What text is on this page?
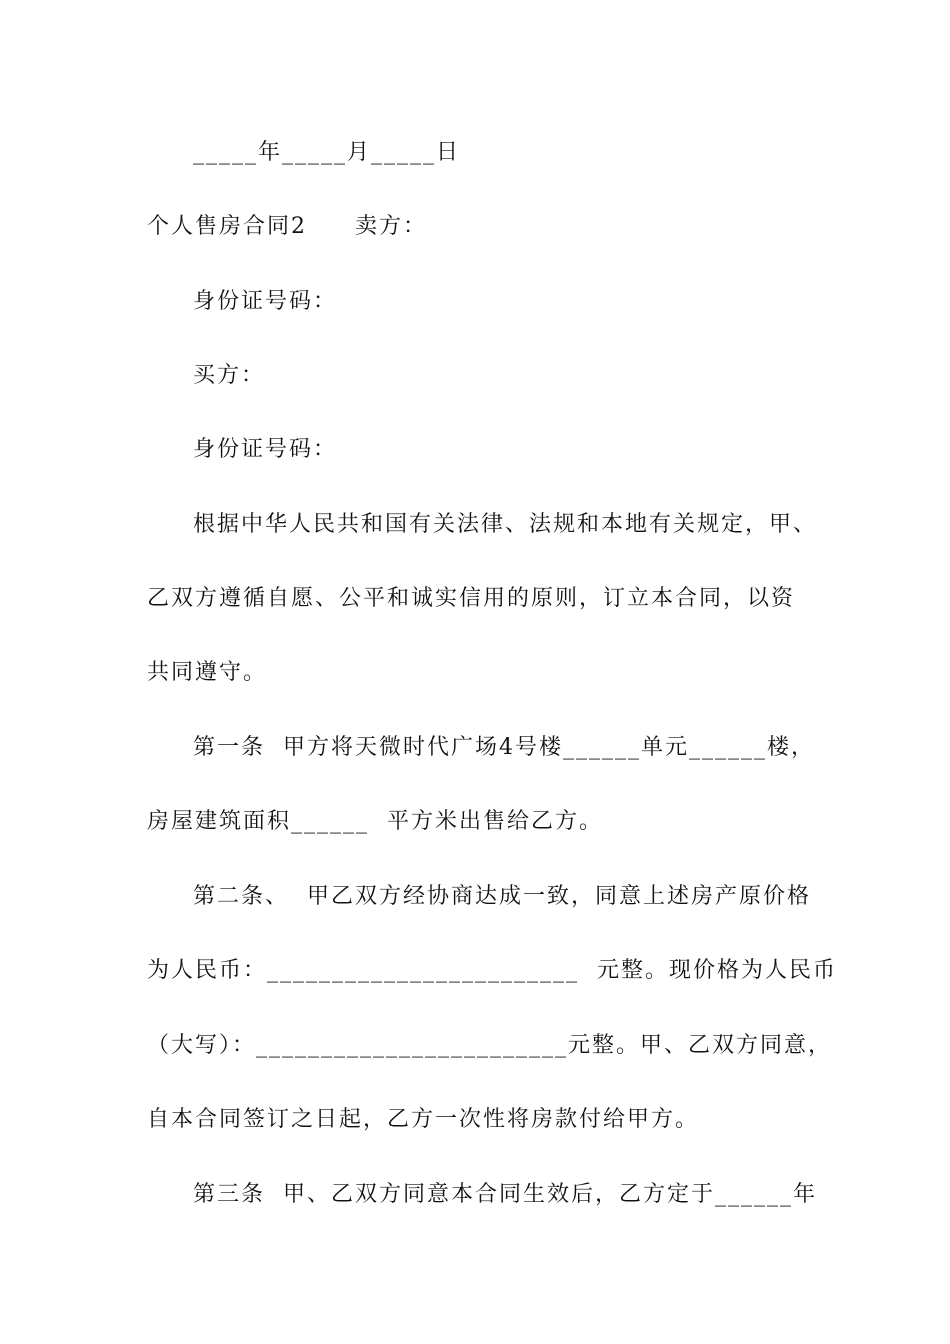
_____年_____月_____日
个人售房合同2　　卖方：
身份证号码：
买方：
身份证号码：
根据中华人民共和国有关法律、法规和本地有关规定，甲、
乙双方遵循自愿、公平和诚实信用的原则，订立本合同，以资
共同遵守。
第一条  甲方将天微时代广场4号楼______单元______楼，
房屋建筑面积______  平方米出售给乙方。
第二条、  甲乙双方经协商达成一致，同意上述房产原价格
为人民币：________________________  元整。现价格为人民币
（大写）：________________________元整。甲、乙双方同意，
自本合同签订之日起，乙方一次性将房款付给甲方。
第三条  甲、乙双方同意本合同生效后，乙方定于______年
